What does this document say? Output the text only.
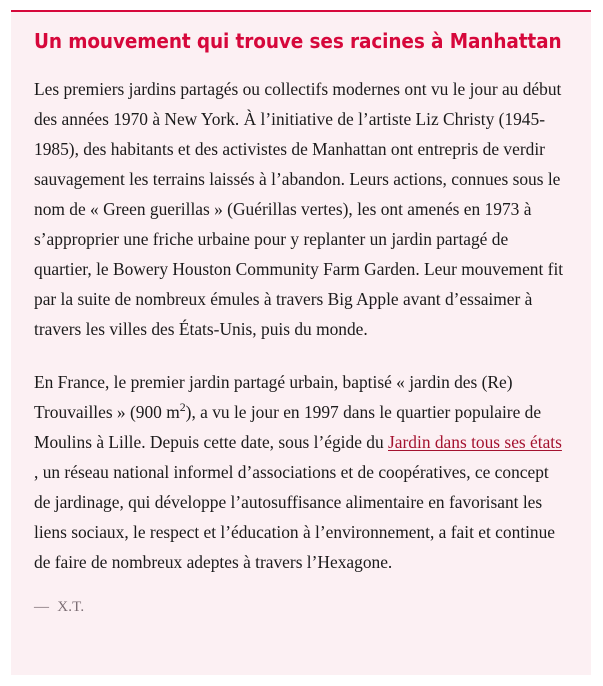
Un mouvement qui trouve ses racines à Manhattan

Les premiers jardins partagés ou collectifs modernes ont vu le jour au début des années 1970 à New York. À l’initiative de l’artiste Liz Christy (1945-1985), des habitants et des activistes de Manhattan ont entrepris de verdir sauvagement les terrains laissés à l’abandon. Leurs actions, connues sous le nom de « Green guerillas » (Guérillas vertes), les ont amenés en 1973 à s’approprier une friche urbaine pour y replanter un jardin partagé de quartier, le Bowery Houston Community Farm Garden. Leur mouvement fit par la suite de nombreux émules à travers Big Apple avant d’essaimer à travers les villes des États-Unis, puis du monde.

En France, le premier jardin partagé urbain, baptisé « jardin des (Re) Trouvailles » (900 $m^2$), a vu le jour en 1997 dans le quartier populaire de Moulins à Lille. Depuis cette date, sous l’égide du Jardin dans tous ses états , un réseau national informel d’associations et de coopératives, ce concept de jardinage, qui développe l’autosuffisance alimentaire en favorisant les liens sociaux, le respect et l’éducation à l’environnement, a fait et continue de faire de nombreux adeptes à travers l’Hexagone.

— X.T.
